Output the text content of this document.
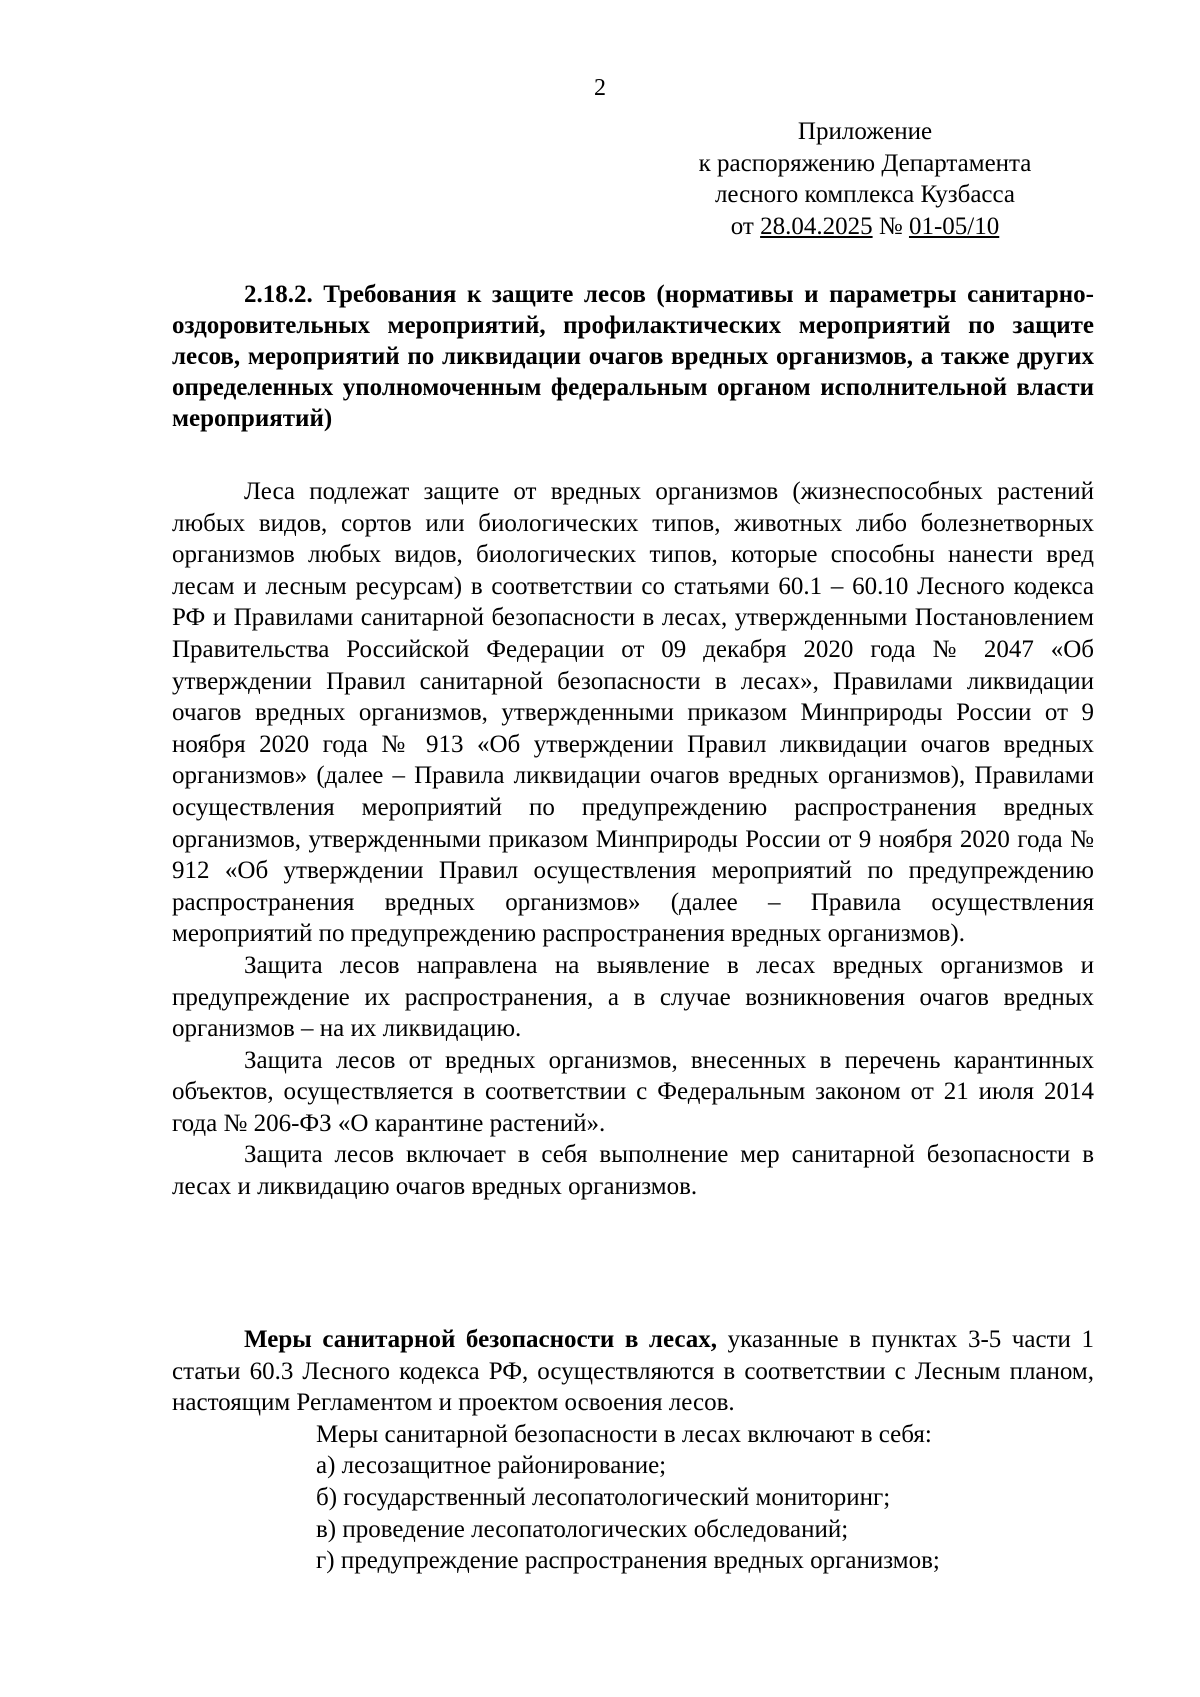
2
Приложение
к распоряжению Департамента
лесного комплекса Кузбасса
от 28.04.2025 № 01-05/10
2.18.2. Требования к защите лесов (нормативы и параметры санитарно-оздоровительных мероприятий, профилактических мероприятий по защите лесов, мероприятий по ликвидации очагов вредных организмов, а также других определенных уполномоченным федеральным органом исполнительной власти мероприятий)

Леса подлежат защите от вредных организмов (жизнеспособных растений любых видов, сортов или биологических типов, животных либо болезнетворных организмов любых видов, биологических типов, которые способны нанести вред лесам и лесным ресурсам) в соответствии со статьями 60.1 – 60.10 Лесного кодекса РФ и Правилами санитарной безопасности в лесах, утвержденными Постановлением Правительства Российской Федерации от 09 декабря 2020 года № 2047 «Об утверждении Правил санитарной безопасности в лесах», Правилами ликвидации очагов вредных организмов, утвержденными приказом Минприроды России от 9 ноября 2020 года № 913 «Об утверждении Правил ликвидации очагов вредных организмов» (далее – Правила ликвидации очагов вредных организмов), Правилами осуществления мероприятий по предупреждению распространения вредных организмов, утвержденными приказом Минприроды России от 9 ноября 2020 года № 912 «Об утверждении Правил осуществления мероприятий по предупреждению распространения вредных организмов» (далее – Правила осуществления мероприятий по предупреждению распространения вредных организмов).

Защита лесов направлена на выявление в лесах вредных организмов и предупреждение их распространения, а в случае возникновения очагов вредных организмов – на их ликвидацию.

Защита лесов от вредных организмов, внесенных в перечень карантинных объектов, осуществляется в соответствии с Федеральным законом от 21 июля 2014 года № 206-ФЗ «О карантине растений».

Защита лесов включает в себя выполнение мер санитарной безопасности в лесах и ликвидацию очагов вредных организмов.

Меры санитарной безопасности в лесах, указанные в пунктах 3-5 части 1 статьи 60.3 Лесного кодекса РФ, осуществляются в соответствии с Лесным планом, настоящим Регламентом и проектом освоения лесов.

Меры санитарной безопасности в лесах включают в себя:

а) лесозащитное районирование;

б) государственный лесопатологический мониторинг;

в) проведение лесопатологических обследований;

г) предупреждение распространения вредных организмов;
